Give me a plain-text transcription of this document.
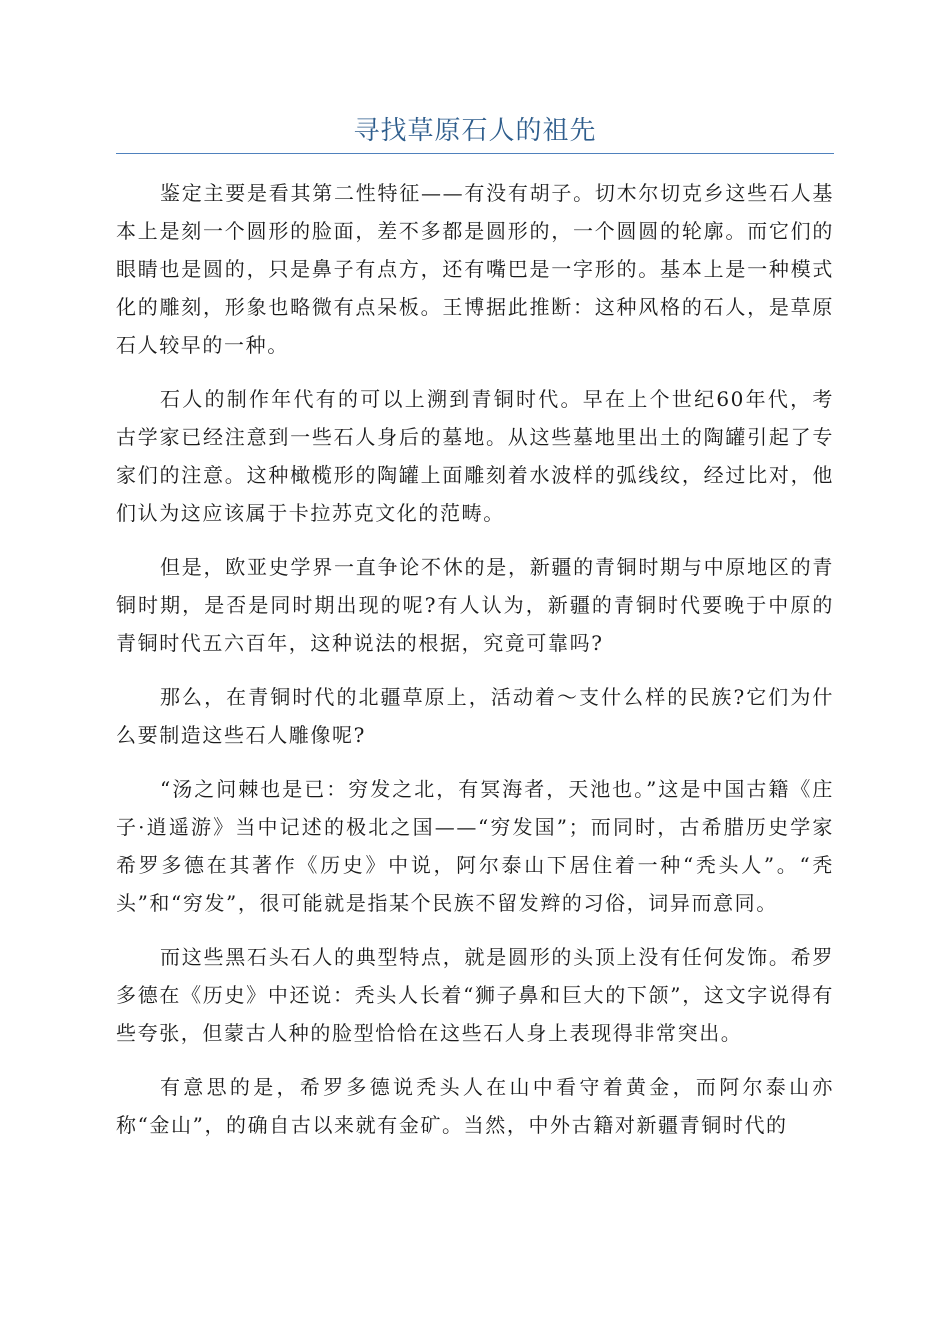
寻找草原石人的祖先

鉴定主要是看其第二性特征——有没有胡子。切木尔切克乡这些石人基本上是刻一个圆形的脸面，差不多都是圆形的，一个圆圆的轮廓。而它们的眼睛也是圆的，只是鼻子有点方，还有嘴巴是一字形的。基本上是一种模式化的雕刻，形象也略微有点呆板。王博据此推断：这种风格的石人，是草原石人较早的一种。

石人的制作年代有的可以上溯到青铜时代。早在上个世纪60年代，考古学家已经注意到一些石人身后的墓地。从这些墓地里出土的陶罐引起了专家们的注意。这种橄榄形的陶罐上面雕刻着水波样的弧线纹，经过比对，他们认为这应该属于卡拉苏克文化的范畴。

但是，欧亚史学界一直争论不休的是，新疆的青铜时期与中原地区的青铜时期，是否是同时期出现的呢?有人认为，新疆的青铜时代要晚于中原的青铜时代五六百年，这种说法的根据，究竟可靠吗?

那么，在青铜时代的北疆草原上，活动着～支什么样的民族?它们为什么要制造这些石人雕像呢?

“汤之问棘也是已：穷发之北，有冥海者，天池也。”这是中国古籍《庄子·逍遥游》当中记述的极北之国——“穷发国”；而同时，古希腊历史学家希罗多德在其著作《历史》中说，阿尔泰山下居住着一种“秃头人”。“秃头”和“穷发”，很可能就是指某个民族不留发辫的习俗，词异而意同。

而这些黑石头石人的典型特点，就是圆形的头顶上没有任何发饰。希罗多德在《历史》中还说：秃头人长着“狮子鼻和巨大的下颌”，这文字说得有些夸张，但蒙古人种的脸型恰恰在这些石人身上表现得非常突出。

有意思的是，希罗多德说秃头人在山中看守着黄金，而阿尔泰山亦称“金山”，的确自古以来就有金矿。当然，中外古籍对新疆青铜时代的
